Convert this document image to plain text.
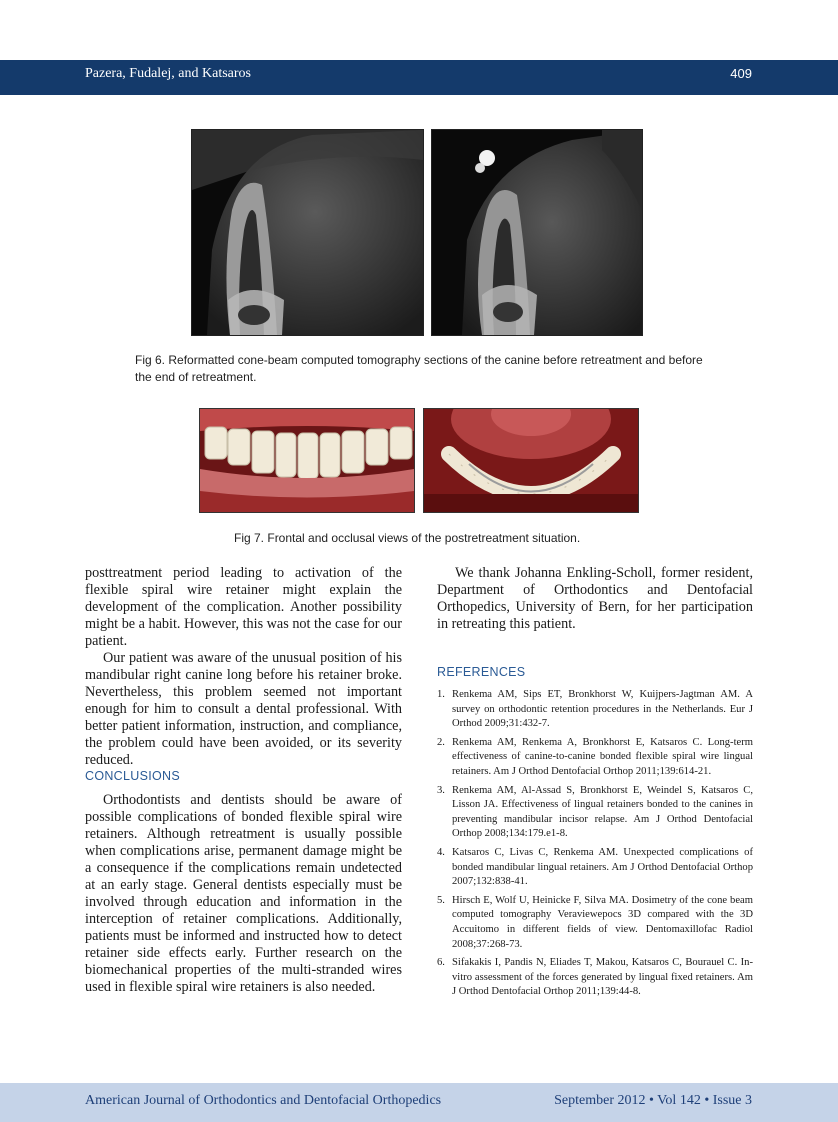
Pazera, Fudalej, and Katsaros	409
Fig 6. Reformatted cone-beam computed tomography sections of the canine before retreatment and before the end of retreatment.
Fig 7. Frontal and occlusal views of the postretreatment situation.

posttreatment period leading to activation of the flexible spiral wire retainer might explain the development of the complication. Another possibility might be a habit. However, this was not the case for our patient.

Our patient was aware of the unusual position of his mandibular right canine long before his retainer broke. Nevertheless, this problem seemed not important enough for him to consult a dental professional. With better patient information, instruction, and compliance, the problem could have been avoided, or its severity reduced.

CONCLUSIONS

Orthodontists and dentists should be aware of possible complications of bonded flexible spiral wire retainers. Although retreatment is usually possible when complications arise, permanent damage might be a consequence if the complications remain undetected at an early stage. General dentists especially must be involved through education and information in the interception of retainer complications. Additionally, patients must be informed and instructed how to detect retainer side effects early. Further research on the biomechanical properties of the multi-stranded wires used in flexible spiral wire retainers is also needed.

We thank Johanna Enkling-Scholl, former resident, Department of Orthodontics and Dentofacial Orthopedics, University of Bern, for her participation in retreating this patient.

REFERENCES
1. Renkema AM, Sips ET, Bronkhorst W, Kuijpers-Jagtman AM. A survey on orthodontic retention procedures in the Netherlands. Eur J Orthod 2009;31:432-7.
2. Renkema AM, Renkema A, Bronkhorst E, Katsaros C. Long-term effectiveness of canine-to-canine bonded flexible spiral wire lingual retainers. Am J Orthod Dentofacial Orthop 2011;139:614-21.
3. Renkema AM, Al-Assad S, Bronkhorst E, Weindel S, Katsaros C, Lisson JA. Effectiveness of lingual retainers bonded to the canines in preventing mandibular incisor relapse. Am J Orthod Dentofacial Orthop 2008;134:179.e1-8.
4. Katsaros C, Livas C, Renkema AM. Unexpected complications of bonded mandibular lingual retainers. Am J Orthod Dentofacial Orthop 2007;132:838-41.
5. Hirsch E, Wolf U, Heinicke F, Silva MA. Dosimetry of the cone beam computed tomography Veraviewepocs 3D compared with the 3D Accuitomo in different fields of view. Dentomaxillofac Radiol 2008;37:268-73.
6. Sifakakis I, Pandis N, Eliades T, Makou, Katsaros C, Bourauel C. In-vitro assessment of the forces generated by lingual fixed retainers. Am J Orthod Dentofacial Orthop 2011;139:44-8.
American Journal of Orthodontics and Dentofacial Orthopedics	September 2012 • Vol 142 • Issue 3
